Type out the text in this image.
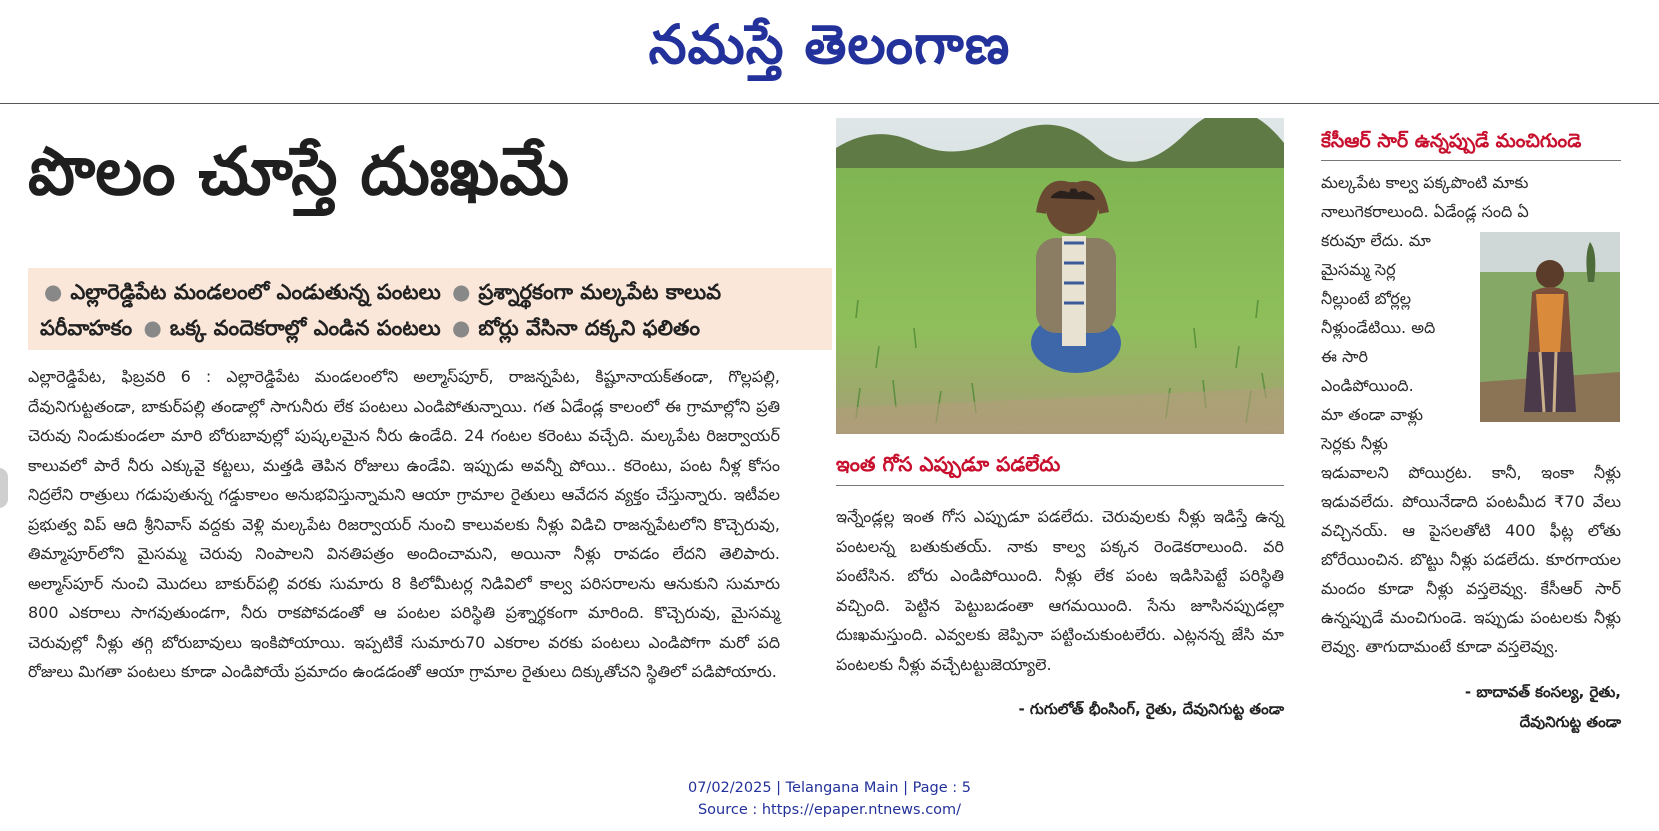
నమస్తే తెలంగాణ
పొలం చూస్తే దుఃఖమే
● ఎల్లారెడ్డిపేట మండలంలో ఎండుతున్న పంటలు ● ప్రశ్నార్థకంగా మల్కపేట కాలువ
పరీవాహకం ● ఒక్క వందెకరాల్లో ఎండిన పంటలు ● బోర్లు వేసినా దక్కని ఫలితం
ఎల్లారెడ్డిపేట, ఫిబ్రవరి 6 : ఎల్లారెడ్డిపేట మండలంలోని అల్మాస్‌పూర్, రాజన్నపేట, కిష్టూనాయక్‌తండా, గొల్లపల్లి, దేవునిగుట్టతండా, బాకుర్‌పల్లి తండాల్లో సాగునీరు లేక పంటలు ఎండిపోతున్నాయి. గత ఏడేండ్ల కాలంలో ఈ గ్రామాల్లోని ప్రతి చెరువు నిండుకుండలా మారి బోరుబావుల్లో పుష్కలమైన నీరు ఉండేది. 24 గంటల కరెంటు వచ్చేది. మల్కపేట రిజర్వాయర్ కాలువలో పారే నీరు ఎక్కువై కట్టలు, మత్తడి తెపిన రోజులు ఉండేవి. ఇప్పుడు అవన్నీ పోయి.. కరెంటు, పంట నీళ్ల కోసం నిద్రలేని రాత్రులు గడుపుతున్న గడ్డుకాలం అనుభవిస్తున్నామని ఆయా గ్రామాల రైతులు ఆవేదన వ్యక్తం చేస్తున్నారు. ఇటీవల ప్రభుత్వ విప్ ఆది శ్రీనివాస్ వద్దకు వెళ్లి మల్కపేట రిజర్వాయర్ నుంచి కాలువలకు నీళ్లు విడిచి రాజన్నపేటలోని కొచ్చెరువు, తిమ్మాపూర్‌లోని మైసమ్మ చెరువు నింపాలని వినతిపత్రం అందించామని, అయినా నీళ్లు రావడం లేదని తెలిపారు. అల్మాస్‌పూర్ నుంచి మొదలు బాకుర్‌పల్లి వరకు సుమారు 8 కిలోమీటర్ల నిడివిలో కాల్వ పరిసరాలను ఆనుకుని సుమారు 800 ఎకరాలు సాగవుతుండగా, నీరు రాకపోవడంతో ఆ పంటల పరిస్థితి ప్రశ్నార్థకంగా మారింది. కొచ్చెరువు, మైసమ్మ చెరువుల్లో నీళ్లు తగ్గి బోరుబావులు ఇంకిపోయాయి. ఇప్పటికే సుమారు70 ఎకరాల వరకు పంటలు ఎండిపోగా మరో పది రోజులు మిగతా పంటలు కూడా ఎండిపోయే ప్రమాదం ఉండడంతో ఆయా గ్రామాల రైతులు దిక్కుతోచని స్థితిలో పడిపోయారు.
ఇంత గోస ఎప్పుడూ పడలేదు
ఇన్నేండ్లల్ల ఇంత గోస ఎప్పుడూ పడలేదు. చెరువులకు నీళ్లు ఇడిస్తే ఉన్న పంటలన్న బతుకుతయ్. నాకు కాల్వ పక్కన రెండెకరాలుంది. వరి పంటేసిన. బోరు ఎండిపోయింది. నీళ్లు లేక పంట ఇడిసిపెట్టే పరిస్థితి వచ్చింది. పెట్టిన పెట్టుబడంతా ఆగమయింది. సేను జూసినప్పుడల్లా దుఃఖమస్తుంది. ఎవ్వలకు జెప్పినా పట్టించుకుంటలేరు. ఎట్లనన్న జేసి మా పంటలకు నీళ్లు వచ్చేటట్టుజెయ్యాలె.
- గుగులోత్ భీంసింగ్, రైతు, దేవునిగుట్ట తండా
కేసీఆర్ సార్ ఉన్నప్పుడే మంచిగుండె
మల్కపేట కాల్వ పక్కపొంటి మాకు
నాలుగెకరాలుంది. ఏడేండ్ల సంది ఏ
కరువూ లేదు. మా
మైసమ్మ సెర్ల
నీల్లుంటే బోర్లల్ల
నీళ్లుండేటియి. అది
ఈ సారి
ఎండిపోయింది.
మా తండా వాళ్లు
సెర్లకు నీళ్లు
ఇడువాలని పోయిర్రట. కానీ, ఇంకా నీళ్లు ఇడువలేదు. పోయినేడాది పంటమీద ₹70 వేలు వచ్చినయ్. ఆ పైసలతోటి 400 ఫీట్ల లోతు బోరేయించిన. బొట్టు నీళ్లు పడలేదు. కూరగాయల మందం కూడా నీళ్లు వస్తలెవ్వు. కేసీఆర్ సార్ ఉన్నప్పుడే మంచిగుండె. ఇప్పుడు పంటలకు నీళ్లు లెవ్వు. తాగుదామంటే కూడా వస్తలెవ్వు.
- బాదావత్ కంసల్య, రైతు,
దేవునిగుట్ట తండా
07/02/2025 | Telangana Main | Page : 5
Source : https://epaper.ntnews.com/
